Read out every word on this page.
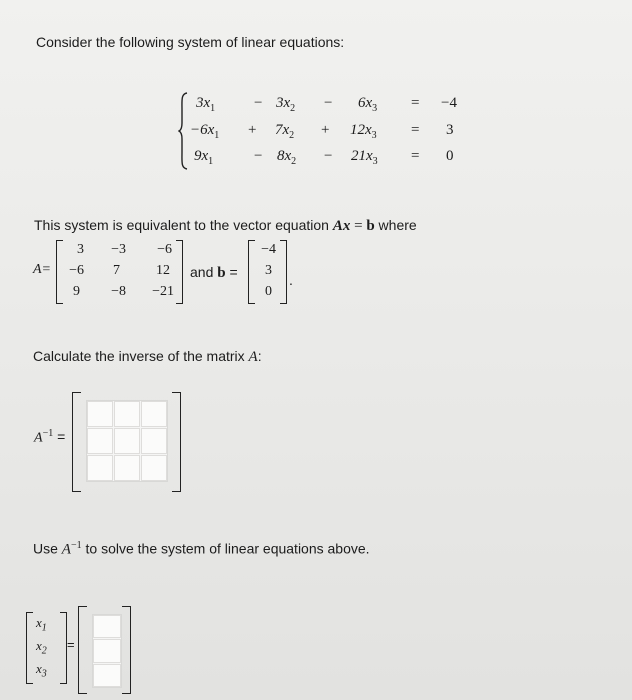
Consider the following system of linear equations:
$3x_1$	− $3x_2 - 6x_3 = -4$
$-6x_1 + 7x_2 + 12x_3 = 3$
$9x_1$	− $8x_2 - 21x_3 = 0$
This system is equivalent to the vector equation Ax = b where
A=
3	−3	−6
−6	7	12
9	−8	−21
and b =
−4
3
0
.
Calculate the inverse of the matrix A:
$A^{-1}$ =
Use $A^{-1}$ to solve the system of linear equations above.
$x_1$
$x_2$
$x_3$
=
